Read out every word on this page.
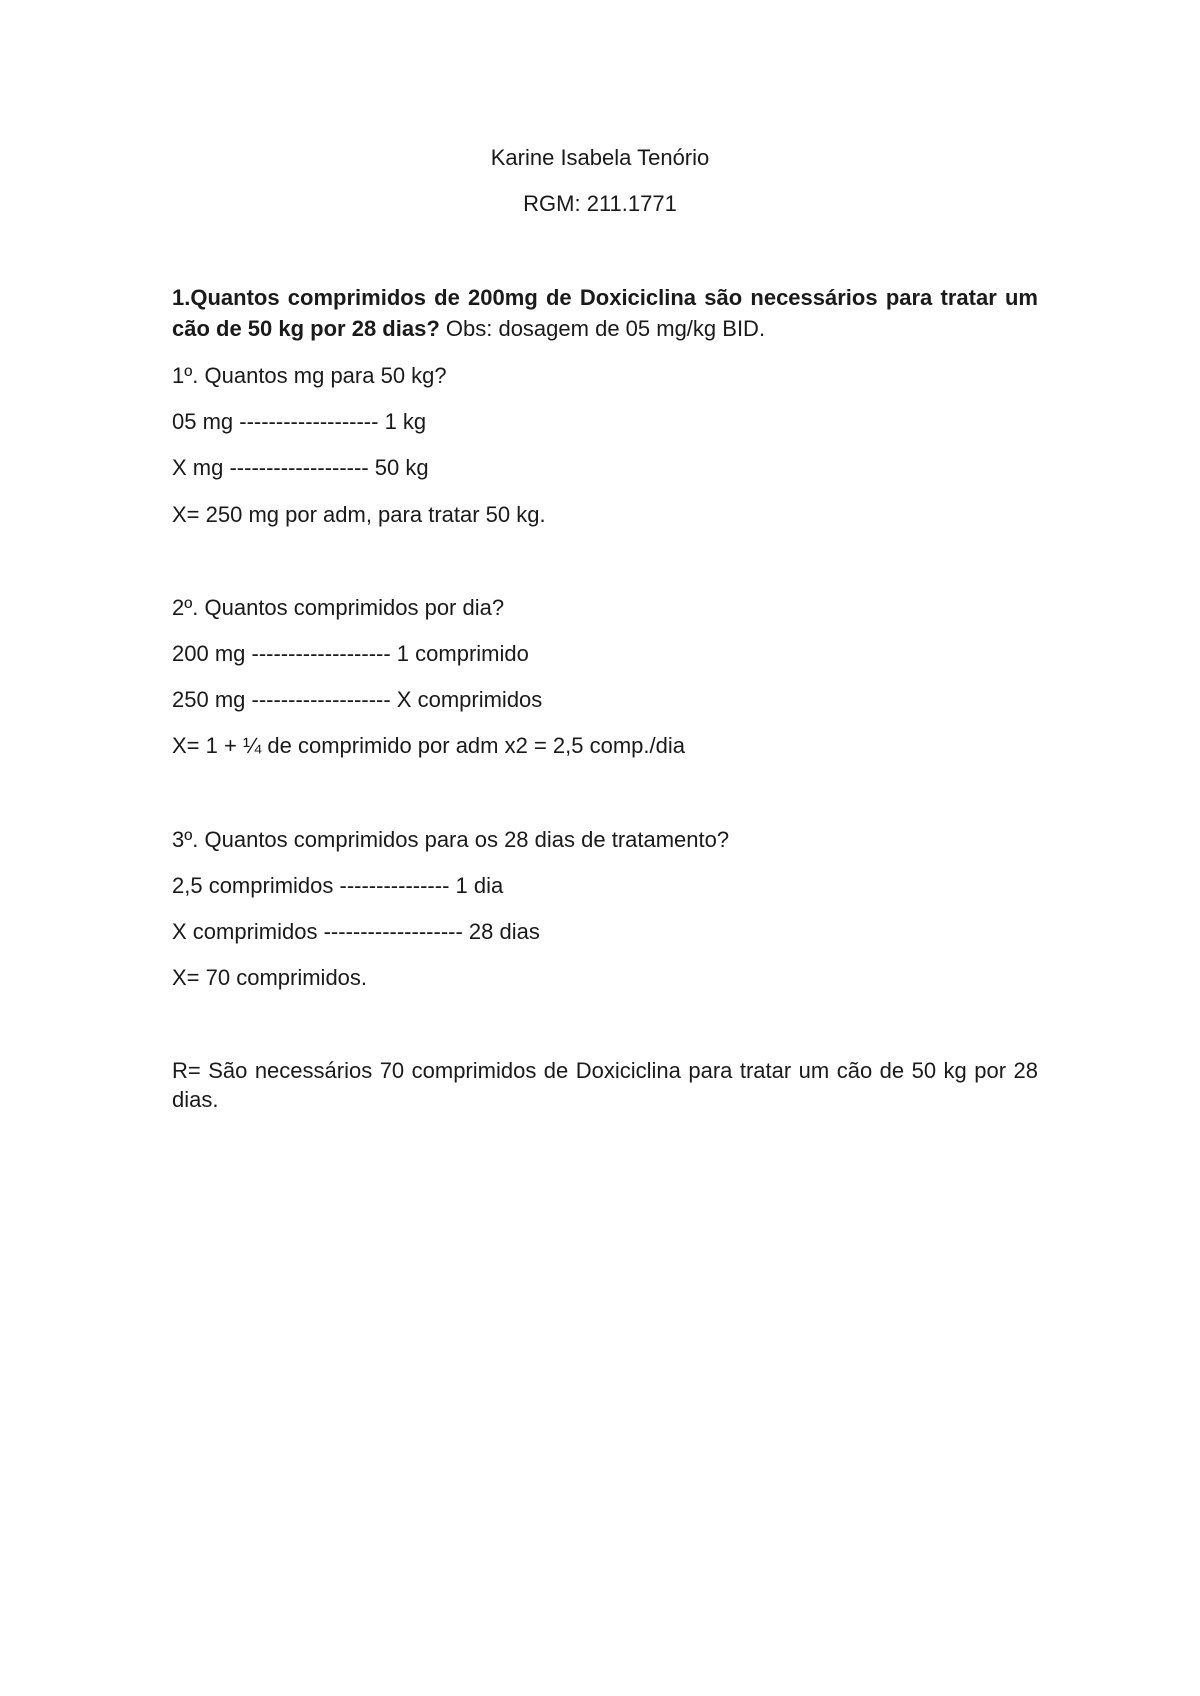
Karine Isabela Tenório
RGM: 211.1771
1.Quantos comprimidos de 200mg de Doxiciclina são necessários para tratar um cão de 50 kg por 28 dias? Obs: dosagem de 05 mg/kg BID.
1º. Quantos mg para 50 kg?
05 mg ------------------- 1 kg
X mg ------------------- 50 kg
X= 250 mg por adm, para tratar 50 kg.
2º. Quantos comprimidos por dia?
200 mg ------------------- 1 comprimido
250 mg ------------------- X comprimidos
X= 1 + ¼ de comprimido por adm x2 = 2,5 comp./dia
3º. Quantos comprimidos para os 28 dias de tratamento?
2,5 comprimidos --------------- 1 dia
X comprimidos ------------------- 28 dias
X= 70 comprimidos.
R= São necessários 70 comprimidos de Doxiciclina para tratar um cão de 50 kg por 28 dias.
